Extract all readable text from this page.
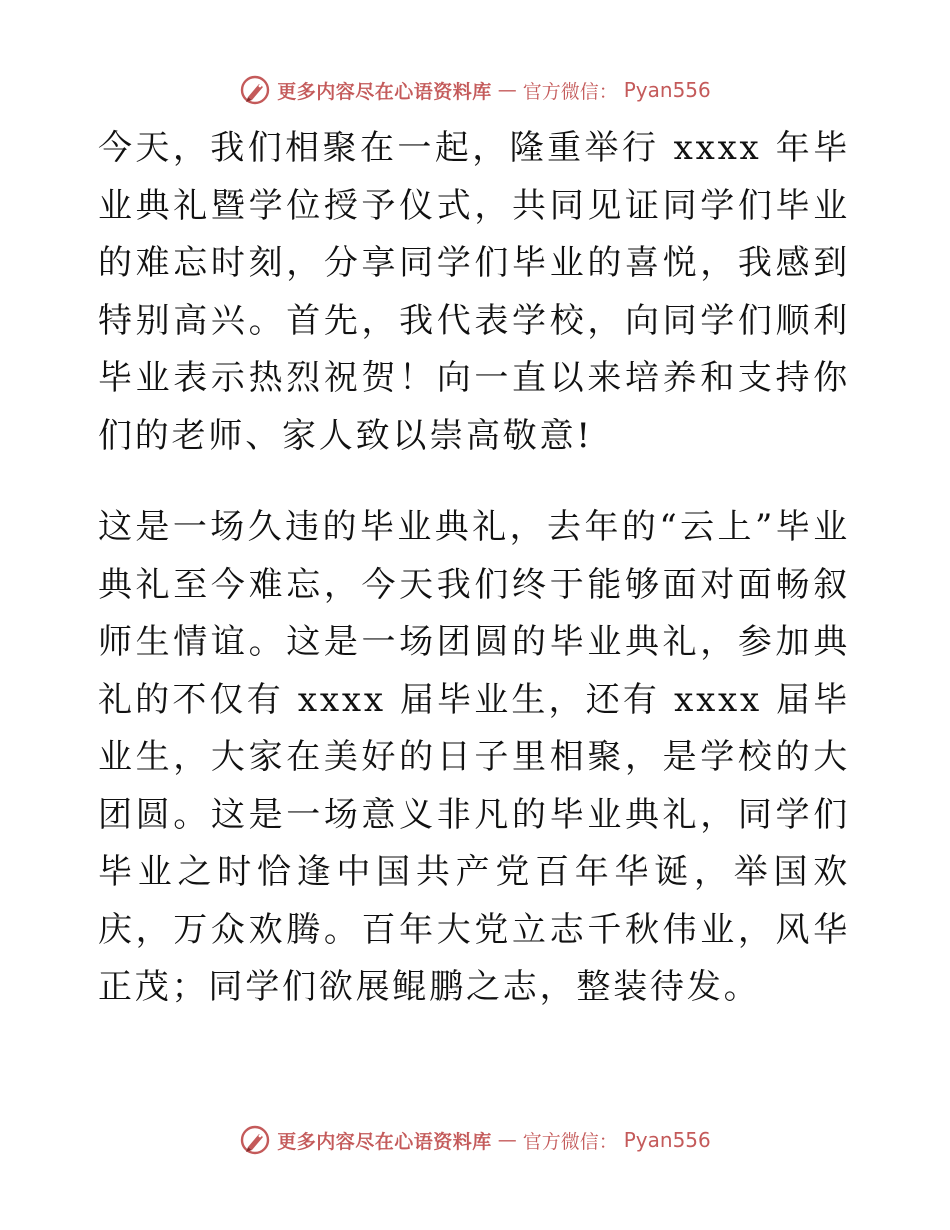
更多内容尽在心语资料库 — 官方微信： Pyan556

今天，我们相聚在一起，隆重举行 xxxx 年毕业典礼暨学位授予仪式，共同见证同学们毕业的难忘时刻，分享同学们毕业的喜悦，我感到特别高兴。首先，我代表学校，向同学们顺利毕业表示热烈祝贺！向一直以来培养和支持你们的老师、家人致以崇高敬意!

这是一场久违的毕业典礼，去年的“云上”毕业典礼至今难忘，今天我们终于能够面对面畅叙师生情谊。这是一场团圆的毕业典礼，参加典礼的不仅有 xxxx 届毕业生，还有 xxxx 届毕业生，大家在美好的日子里相聚，是学校的大团圆。这是一场意义非凡的毕业典礼，同学们毕业之时恰逢中国共产党百年华诞，举国欢庆，万众欢腾。百年大党立志千秋伟业，风华正茂；同学们欲展鲲鹏之志，整装待发。

更多内容尽在心语资料库 — 官方微信： Pyan556
